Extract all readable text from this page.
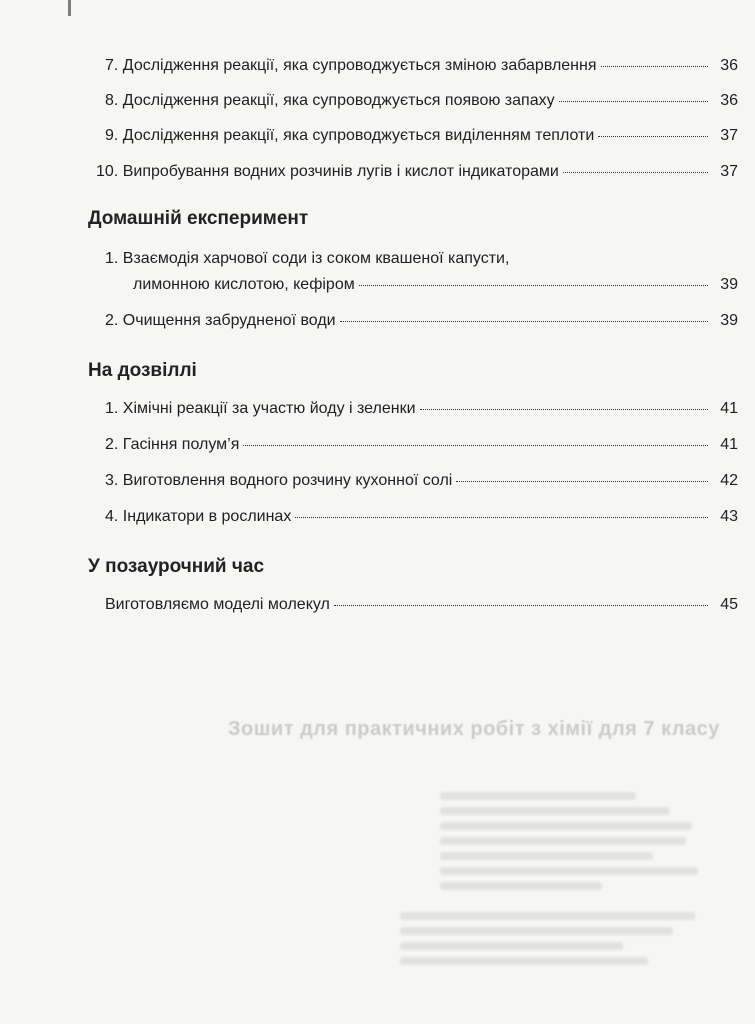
7. Дослідження реакції, яка супроводжується зміною забарвлення	36
8. Дослідження реакції, яка супроводжується появою запаху	36
9. Дослідження реакції, яка супроводжується виділенням теплоти	37
10. Випробування водних розчинів лугів і кислот індикаторами	37
Домашній експеримент
1. Взаємодія харчової соди із соком квашеної капусти,
лимонною кислотою, кефіром	39
2. Очищення забрудненої води	39
На дозвіллі
1. Хімічні реакції за участю йоду і зеленки	41
2. Гасіння полум’я	41
3. Виготовлення водного розчину кухонної солі	42
4. Індикатори в рослинах	43
У позаурочний час
Виготовляємо моделі молекул	45
Зошит для практичних робіт з хімії для 7 класу
